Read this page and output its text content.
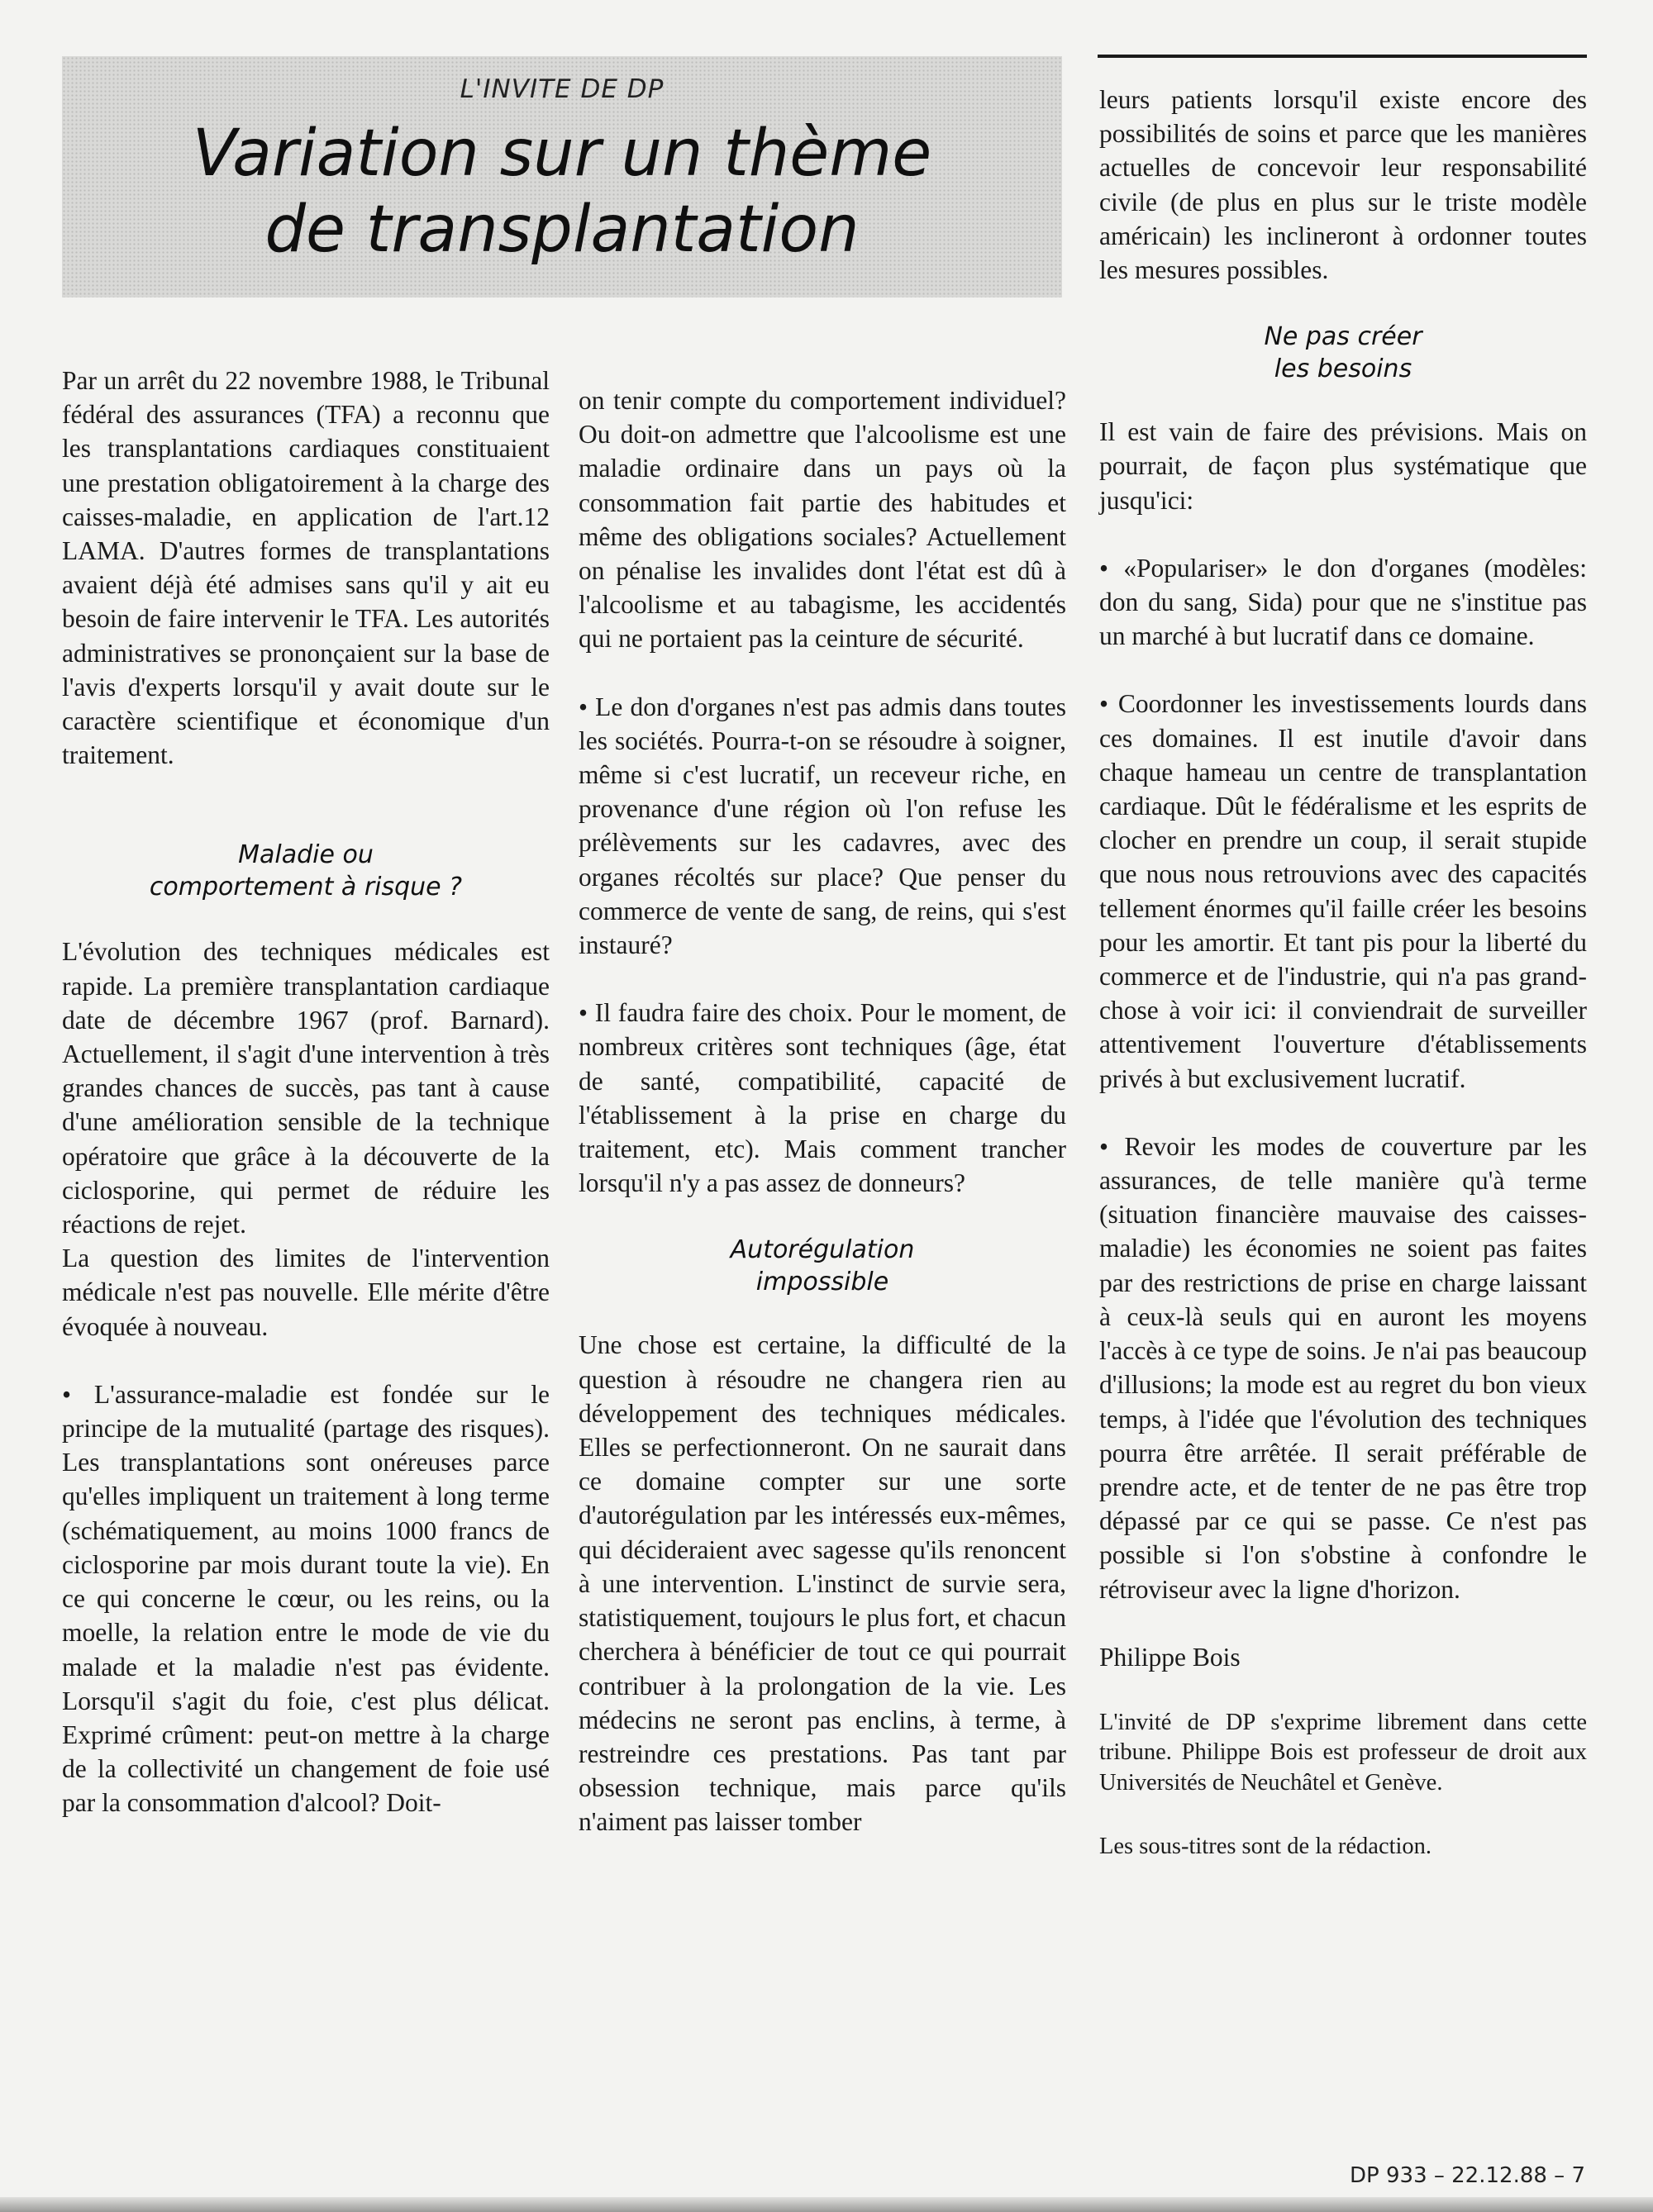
L'INVITE DE DP
Variation sur un thème
de transplantation

Par un arrêt du 22 novembre 1988, le Tribunal fédéral des assurances (TFA) a reconnu que les transplantations cardiaques constituaient une prestation obligatoirement à la charge des caisses-maladie, en application de l'art.12 LAMA. D'autres formes de transplantations avaient déjà été admises sans qu'il y ait eu besoin de faire intervenir le TFA. Les autorités administratives se prononçaient sur la base de l'avis d'experts lorsqu'il y avait doute sur le caractère scientifique et économique d'un traitement.

Maladie ou
comportement à risque ?

L'évolution des techniques médicales est rapide. La première transplantation cardiaque date de décembre 1967 (prof. Barnard). Actuellement, il s'agit d'une intervention à très grandes chances de succès, pas tant à cause d'une amélioration sensible de la technique opératoire que grâce à la découverte de la ciclosporine, qui permet de réduire les réactions de rejet.

La question des limites de l'intervention médicale n'est pas nouvelle. Elle mérite d'être évoquée à nouveau.

• L'assurance-maladie est fondée sur le principe de la mutualité (partage des risques). Les transplantations sont onéreuses parce qu'elles impliquent un traitement à long terme (schématiquement, au moins 1000 francs de ciclosporine par mois durant toute la vie). En ce qui concerne le cœur, ou les reins, ou la moelle, la relation entre le mode de vie du malade et la maladie n'est pas évidente. Lorsqu'il s'agit du foie, c'est plus délicat. Exprimé crûment: peut-on mettre à la charge de la collectivité un changement de foie usé par la consommation d'alcool? Doit-

on tenir compte du comportement individuel? Ou doit-on admettre que l'alcoolisme est une maladie ordinaire dans un pays où la consommation fait partie des habitudes et même des obligations sociales? Actuellement on pénalise les invalides dont l'état est dû à l'alcoolisme et au tabagisme, les accidentés qui ne portaient pas la ceinture de sécurité.

• Le don d'organes n'est pas admis dans toutes les sociétés. Pourra-t-on se résoudre à soigner, même si c'est lucratif, un receveur riche, en provenance d'une région où l'on refuse les prélèvements sur les cadavres, avec des organes récoltés sur place? Que penser du commerce de vente de sang, de reins, qui s'est instauré?

• Il faudra faire des choix. Pour le moment, de nombreux critères sont techniques (âge, état de santé, compatibilité, capacité de l'établissement à la prise en charge du traitement, etc). Mais comment trancher lorsqu'il n'y a pas assez de donneurs?

Autorégulation
impossible

Une chose est certaine, la difficulté de la question à résoudre ne changera rien au développement des techniques médicales. Elles se perfectionneront. On ne saurait dans ce domaine compter sur une sorte d'autorégulation par les intéressés eux-mêmes, qui décideraient avec sagesse qu'ils renoncent à une intervention. L'instinct de survie sera, statistiquement, toujours le plus fort, et chacun cherchera à bénéficier de tout ce qui pourrait contribuer à la prolongation de la vie. Les médecins ne seront pas enclins, à terme, à restreindre ces prestations. Pas tant par obsession technique, mais parce qu'ils n'aiment pas laisser tomber

leurs patients lorsqu'il existe encore des possibilités de soins et parce que les manières actuelles de concevoir leur responsabilité civile (de plus en plus sur le triste modèle américain) les inclineront à ordonner toutes les mesures possibles.

Ne pas créer
les besoins

Il est vain de faire des prévisions. Mais on pourrait, de façon plus systématique que jusqu'ici:

• «Populariser» le don d'organes (modèles: don du sang, Sida) pour que ne s'institue pas un marché à but lucratif dans ce domaine.

• Coordonner les investissements lourds dans ces domaines. Il est inutile d'avoir dans chaque hameau un centre de transplantation cardiaque. Dût le fédéralisme et les esprits de clocher en prendre un coup, il serait stupide que nous nous retrouvions avec des capacités tellement énormes qu'il faille créer les besoins pour les amortir. Et tant pis pour la liberté du commerce et de l'industrie, qui n'a pas grand-chose à voir ici: il conviendrait de surveiller attentivement l'ouverture d'établissements privés à but exclusivement lucratif.

• Revoir les modes de couverture par les assurances, de telle manière qu'à terme (situation financière mauvaise des caisses-maladie) les économies ne soient pas faites par des restrictions de prise en charge laissant à ceux-là seuls qui en auront les moyens l'accès à ce type de soins. Je n'ai pas beaucoup d'illusions; la mode est au regret du bon vieux temps, à l'idée que l'évolution des techniques pourra être arrêtée. Il serait préférable de prendre acte, et de tenter de ne pas être trop dépassé par ce qui se passe. Ce n'est pas possible si l'on s'obstine à confondre le rétroviseur avec la ligne d'horizon.

Philippe Bois

L'invité de DP s'exprime librement dans cette tribune. Philippe Bois est professeur de droit aux Universités de Neuchâtel et Genève.

Les sous-titres sont de la rédaction.

DP 933 – 22.12.88 – 7
